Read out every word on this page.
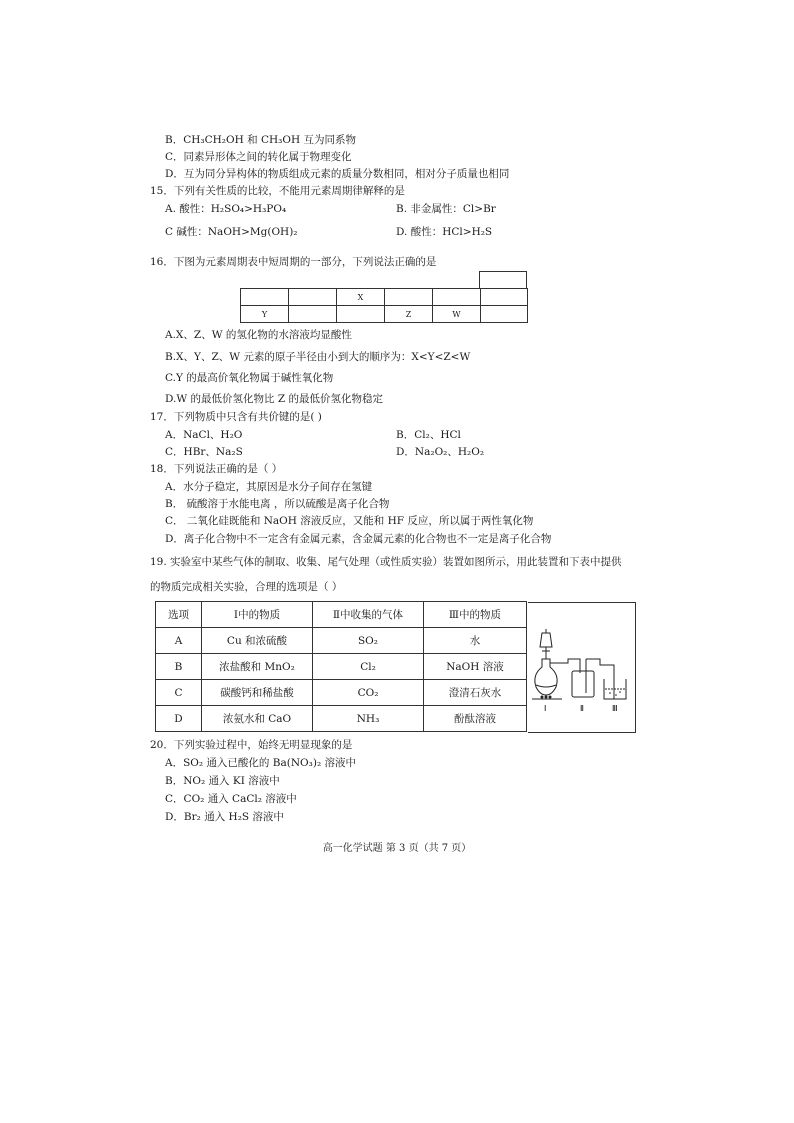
B．CH₃CH₂OH 和 CH₃OH 互为同系物
C．同素异形体之间的转化属于物理变化
D．互为同分异构体的物质组成元素的质量分数相同，相对分子质量也相同
15．下列有关性质的比较，不能用元素周期律解释的是
A. 酸性：H₂SO₄>H₃PO₄	B. 非金属性：Cl>Br
C 碱性：NaOH>Mg(OH)₂	D. 酸性：HCl>H₂S
16．下图为元素周期表中短周期的一部分，下列说法正确的是
		X			
Y			Z	W	
A.X、Z、W 的氢化物的水溶液均显酸性
B.X、Y、Z、W 元素的原子半径由小到大的顺序为：X<Y<Z<W
C.Y 的最高价氧化物属于碱性氧化物
D.W 的最低价氢化物比 Z 的最低价氢化物稳定
17．下列物质中只含有共价键的是( )
A．NaCl、H₂O	B．Cl₂、HCl
C．HBr、Na₂S	D．Na₂O₂、H₂O₂
18．下列说法正确的是（ ）
A．水分子稳定，其原因是水分子间存在氢键
B． 硫酸溶于水能电离 ，所以硫酸是离子化合物
C． 二氧化硅既能和 NaOH 溶液反应，又能和 HF 反应，所以属于两性氧化物
D．离子化合物中不一定含有金属元素，含金属元素的化合物也不一定是离子化合物
19. 实验室中某些气体的制取、收集、尾气处理（或性质实验）装置如图所示，用此装置和下表中提供
的物质完成相关实验，合理的选项是（ ）
选项	Ⅰ中的物质	Ⅱ中收集的气体	Ⅲ中的物质
A	Cu 和浓硫酸	SO₂	水
B	浓盐酸和 MnO₂	Cl₂	NaOH 溶液
C	碳酸钙和稀盐酸	CO₂	澄清石灰水
D	浓氨水和 CaO	NH₃	酚酞溶液
Ⅰ	Ⅱ	Ⅲ
20．下列实验过程中，始终无明显现象的是
A．SO₂ 通入已酸化的 Ba(NO₃)₂ 溶液中
B．NO₂ 通入 KI 溶液中
C．CO₂ 通入 CaCl₂ 溶液中
D．Br₂ 通入 H₂S 溶液中
高一化学试题 第 3 页（共 7 页）
